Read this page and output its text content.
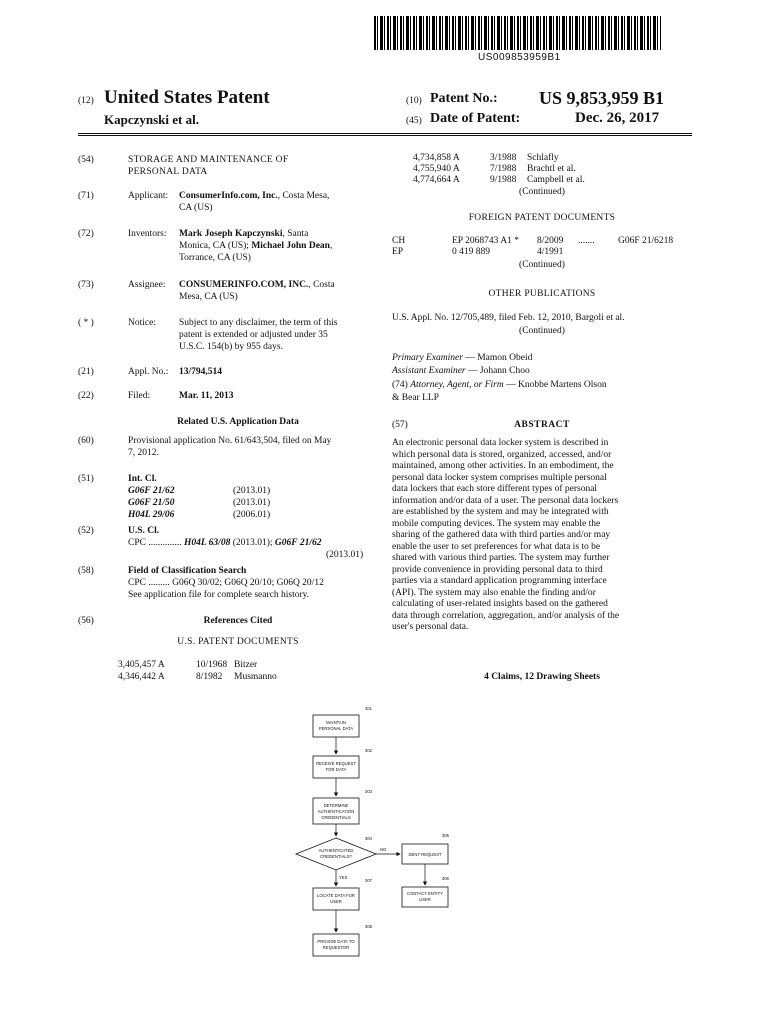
US009853959B1
(12) United States Patent
Kapczynski et al.
(10) Patent No.: US 9,853,959 B1
(45) Date of Patent:	Dec. 26, 2017
(54)	STORAGE AND MAINTENANCE OF
PERSONAL DATA
(71)	Applicant: ConsumerInfo.com, Inc., Costa Mesa,
CA (US)
(72)	Inventors: Mark Joseph Kapczynski, Santa
Monica, CA (US); Michael John Dean,
Torrance, CA (US)
(73)	Assignee: CONSUMERINFO.COM, INC., Costa
Mesa, CA (US)
( * )	Notice: Subject to any disclaimer, the term of this
patent is extended or adjusted under 35
U.S.C. 154(b) by 955 days.
(21)	Appl. No.: 13/794,514
(22)	Filed:	Mar. 11, 2013
Related U.S. Application Data
(60)	Provisional application No. 61/643,504, filed on May
7, 2012.
(51)	Int. Cl.
G06F 21/62	(2013.01)
G06F 21/50	(2013.01)
H04L 29/06	(2006.01)
(52)	U.S. Cl.
CPC .............. H04L 63/08 (2013.01); G06F 21/62
(2013.01)
(58)	Field of Classification Search
CPC ......... G06Q 30/02; G06Q 20/10; G06Q 20/12
See application file for complete search history.
(56)	References Cited
U.S. PATENT DOCUMENTS
3,405,457 A	10/1968 Bitzer
4,346,442 A	8/1982 Musmanno
4,734,858 A	3/1988 Schlafly
4,755,940 A	7/1988 Brachtl et al.
4,774,664 A	9/1988 Campbell et al.
(Continued)
FOREIGN PATENT DOCUMENTS
CH	EP 2068743 A1 * 8/2009 ....... G06F 21/6218
EP	0 419 889	4/1991
(Continued)
OTHER PUBLICATIONS
U.S. Appl. No. 12/705,489, filed Feb. 12, 2010, Bargoli et al.
(Continued)
Primary Examiner — Mamon Obeid
Assistant Examiner — Johann Choo
(74) Attorney, Agent, or Firm — Knobbe Martens Olson
& Bear LLP
(57)	ABSTRACT
An electronic personal data locker system is described in
which personal data is stored, organized, accessed, and/or
maintained, among other activities. In an embodiment, the
personal data locker system comprises multiple personal
data lockers that each store different types of personal
information and/or data of a user. The personal data lockers
are established by the system and may be integrated with
mobile computing devices. The system may enable the
sharing of the gathered data with third parties and/or may
enable the user to set preferences for what data is to be
shared with various third parties. The system may further
provide convenience in providing personal data to third
parties via a standard application programming interface
(API). The system may also enable the finding and/or
calculating of user-related insights based on the gathered
data through correlation, aggregation, and/or analysis of the
user's personal data.
4 Claims, 12 Drawing Sheets
MAINTAIN
PERSONAL DATA
301
RECEIVE REQUEST
FOR DATA
302
DETERMINE
AUTHENTICATION
CREDENTIALS
303
AUTHENTICATED
CREDENTIALS?
304
NO
DENY REQUEST
305
CONTACT ENTITY
USER
306
YES
LOCATE DATA FOR
USER
307
PROVIDE DATA TO
REQUESTOR
308
